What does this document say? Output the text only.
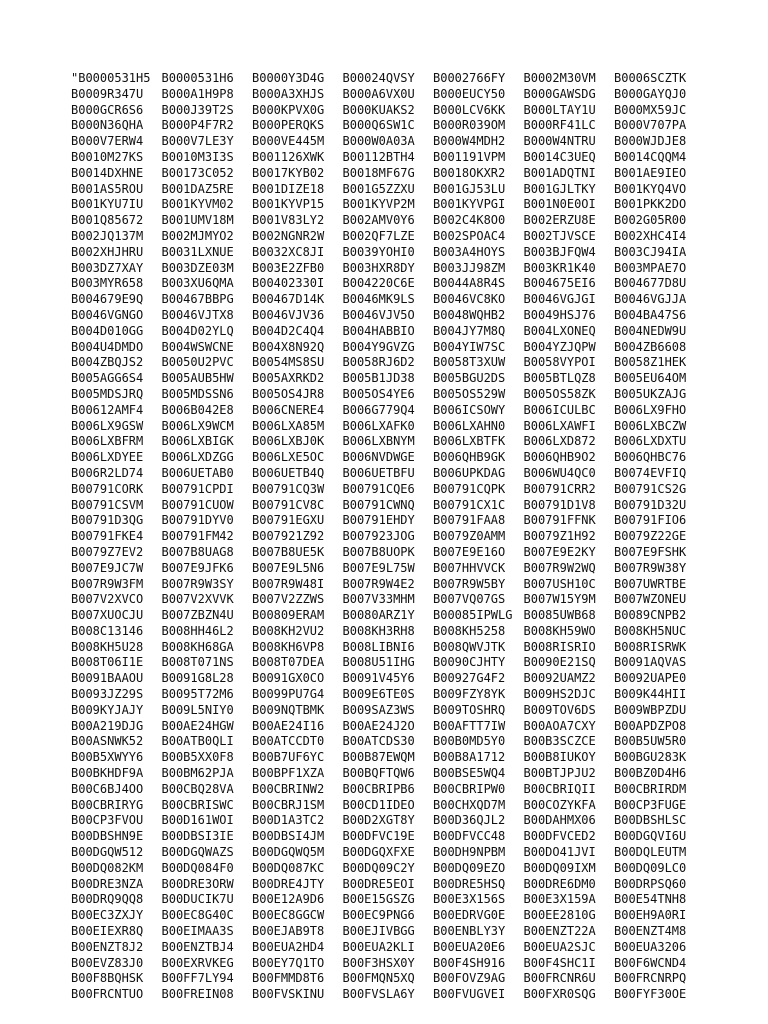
"B0000531H5 B0000531H6	B0000Y3D4G	B00024QVSY	B0002766FY	B0002M30VM	B0006SCZTK
B0009R347U	B000A1H9P8	B000A3XHJS	B000A6VX0U	B000EUCY50	B000GAWSDG	B000GAYQJ0
B000GCR6S6	B000J39T2S	B000KPVX0G	B000KUAKS2	B000LCV6KK	B000LTAY1U	B000MX59JC
B000N36QHA	B000P4F7R2	B000PERQKS	B000Q6SW1C	B000R039OM	B000RF41LC	B000V707PA
B000V7ERW4	B000V7LE3Y	B000VE445M	B000W0A03A	B000W4MDH2	B000W4NTRU	B000WJDJE8
B0010M27KS	B0010M3I3S	B001126XWK	B00112BTH4	B001191VPM	B0014C3UEQ	B0014CQQM4
B0014DXHNE	B00173C052	B0017KYB02	B0018MF67G	B0018OKXR2	B001ADQTNI	B001AE9IEO
B001AS5ROU	B001DAZ5RE	B001DIZE18	B001G5ZZXU	B001GJ53LU	B001GJLTKY	B001KYQ4VO
B001KYU7IU	B001KYVM02	B001KYVP15	B001KYVP2M	B001KYVPGI	B001N0E0OI	B001PKK2DO
B001Q85672	B001UMV18M	B001V83LY2	B002AMV0Y6	B002C4K8O0	B002ERZU8E	B002G05R00
B002JQ137M	B002MJMYO2	B002NGNR2W	B002QF7LZE	B002SPOAC4	B002TJVSCE	B002XHC4I4
B002XHJHRU	B0031LXNUE	B0032XC8JI	B0039YOHI0	B003A4HOYS	B003BJFQW4	B003CJ94IA
B003DZ7XAY	B003DZE03M	B003E2ZFB0	B003HXR8DY	B003JJ98ZM	B003KR1K40	B003MPAE7O
B003MYR658	B003XU6QMA	B00402330I	B004220C6E	B0044A8R4S	B004675EI6	B004677D8U
B004679E9Q	B00467BBPG	B00467D14K	B0046MK9LS	B0046VC8KO	B0046VGJGI	B0046VGJJA
B0046VGNGO	B0046VJTX8	B0046VJV36	B0046VJV5O	B0048WQHB2	B0049HSJ76	B004BA47S6
B004D010GG	B004D02YLQ	B004D2C4Q4	B004HABBIO	B004JY7M8Q	B004LXONEQ	B004NEDW9U
B004U4DMDO	B004WSWCNE	B004X8N92Q	B004Y9GVZG	B004YIW7SC	B004YZJQPW	B004ZB6608
B004ZBQJS2	B0050U2PVC	B0054MS8SU	B0058RJ6D2	B0058T3XUW	B0058VYPOI	B0058Z1HEK
B005AGG6S4	B005AUB5HW	B005AXRKD2	B005B1JD38	B005BGU2DS	B005BTLQZ8	B005EU64OM
B005MDSJRQ	B005MDSSN6	B005OS4JR8	B005OS4YE6	B005OS529W	B005OS58ZK	B005UKZAJG
B00612AMF4	B006B042E8	B006CNERE4	B006G779Q4	B006ICSOWY	B006ICULBC	B006LX9FHO
B006LX9GSW	B006LX9WCM	B006LXA85M	B006LXAFK0	B006LXAHN0	B006LXAWFI	B006LXBCZW
B006LXBFRM	B006LXBIGK	B006LXBJ0K	B006LXBNYM	B006LXBTFK	B006LXD872	B006LXDXTU
B006LXDYEE	B006LXDZGG	B006LXE5OC	B006NVDWGE	B006QHB9GK	B006QHB9O2	B006QHBC76
B006R2LD74	B006UETAB0	B006UETB4Q	B006UETBFU	B006UPKDAG	B006WU4QC0	B0074EVFIQ
B00791CORK	B00791CPDI	B00791CQ3W	B00791CQE6	B00791CQPK	B00791CRR2	B00791CS2G
B00791CSVM	B00791CUOW	B00791CV8C	B00791CWNQ	B00791CX1C	B00791D1V8	B00791D32U
B00791D3QG	B00791DYV0	B00791EGXU	B00791EHDY	B00791FAA8	B00791FFNK	B00791FIO6
B00791FKE4	B00791FM42	B007921Z92	B007923JOG	B0079Z0AMM	B0079Z1H92	B0079Z22GE
B0079Z7EV2	B007B8UAG8	B007B8UE5K	B007B8UOPK	B007E9E16O	B007E9E2KY	B007E9FSHK
B007E9JC7W	B007E9JFK6	B007E9L5N6	B007E9L75W	B007HHVVCK	B007R9W2WQ	B007R9W38Y
B007R9W3FM	B007R9W3SY	B007R9W48I	B007R9W4E2	B007R9W5BY	B007USH10C	B007UWRTBE
B007V2XVCO	B007V2XVVK	B007V2ZZWS	B007V33MHM	B007VQ07GS	B007W15Y9M	B007WZONEU
B007XUOCJU	B007ZBZN4U	B00809ERAM	B0080ARZ1Y	B00085IPWLG B0085UWB68	B0089CNPB2
B008C13146	B008HH46L2	B008KH2VU2	B008KH3RH8	B008KH5258	B008KH59WO	B008KH5NUC
B008KH5U28	B008KH68GA	B008KH6VP8	B008LIBNI6	B008QWVJTK	B008RISRIO	B008RISRWK
B008T06I1E	B008T071NS	B008T07DEA	B008U51IHG	B0090CJHTY	B0090E21SQ	B0091AQVAS
B0091BAAOU	B0091G8L28	B0091GX0CO	B0091V45Y6	B00927G4F2	B0092UAMZ2	B0092UAPE0
B0093JZ29S	B0095T72M6	B0099PU7G4	B009E6TE0S	B009FZY8YK	B009HS2DJC	B009K44HII
B009KYJAJY	B009L5NIY0	B009NQTBMK	B009SAZ3WS	B009TOSHRQ	B009TOV6DS	B009WBPZDU
B00A219DJG	B00AE24HGW	B00AE24I16	B00AE24J2O	B00AFTT7IW	B00AOA7CXY	B00APDZPO8
B00ASNWK52	B00ATB0QLI	B00ATCCDT0	B00ATCDS30	B00B0MD5Y0	B00B3SCZCE	B00B5UW5R0
B00B5XWYY6	B00B5XX0F8	B00B7UF6YC	B00B87EWQM	B00B8A1712	B00B8IUKOY	B00BGU283K
B00BKHDF9A	B00BM62PJA	B00BPF1XZA	B00BQFTQW6	B00BSE5WQ4	B00BTJPJU2	B00BZ0D4H6
B00C6BJ4OO	B00CBQ28VA	B00CBRINW2	B00CBRIPB6	B00CBRIPW0	B00CBRIQII	B00CBRIRDM
B00CBRIRYG	B00CBRISWC	B00CBRJ1SM	B00CD1IDEO	B00CHXQD7M	B00COZYKFA	B00CP3FUGE
B00CP3FVOU	B00D161WOI	B00D1A3TC2	B00D2XGT8Y	B00D36QJL2	B00DAHMX06	B00DBSHLSC
B00DBSHN9E	B00DBSI3IE	B00DBSI4JM	B00DFVC19E	B00DFVCC48	B00DFVCED2	B00DGQVI6U
B00DGQW512	B00DGQWAZS	B00DGQWQ5M	B00DGQXFXE	B00DH9NPBM	B00DO41JVI	B00DQLEUTM
B00DQ082KM	B00DQ084F0	B00DQ087KC	B00DQ09C2Y	B00DQ09EZO	B00DQ09IXM	B00DQ09LC0
B00DRE3NZA	B00DRE3ORW	B00DRE4JTY	B00DRE5EOI	B00DRE5HSQ	B00DRE6DM0	B00DRPSQ60
B00DRQ9QQ8	B00DUCIK7U	B00E12A9D6	B00E15GSZG	B00E3X156S	B00E3X159A	B00E54TNH8
B00EC3ZXJY	B00EC8G40C	B00EC8GGCW	B00EC9PNG6	B00EDRVG0E	B00EE2810G	B00EH9A0RI
B00EIEXR8Q	B00EIMAA3S	B00EJAB9T8	B00EJIVBGG	B00ENBLY3Y	B00ENZT22A	B00ENZT4M8
B00ENZT8J2	B00ENZTBJ4	B00EUA2HD4	B00EUA2KLI	B00EUA20E6	B00EUA2SJC	B00EUA3206
B00EVZ83J0	B00EXRVKEG	B00EY7Q1TO	B00F3HSX0Y	B00F4SH916	B00F4SHC1I	B00F6WCND4
B00F8BQHSK	B00FF7LY94	B00FMMD8T6	B00FMQN5XQ	B00FOVZ9AG	B00FRCNR6U	B00FRCNRPQ
B00FRCNTUO	B00FREIN08	B00FVSKINU	B00FVSLA6Y	B00FVUGVEI	B00FXR0SQG	B00FYF30OE
